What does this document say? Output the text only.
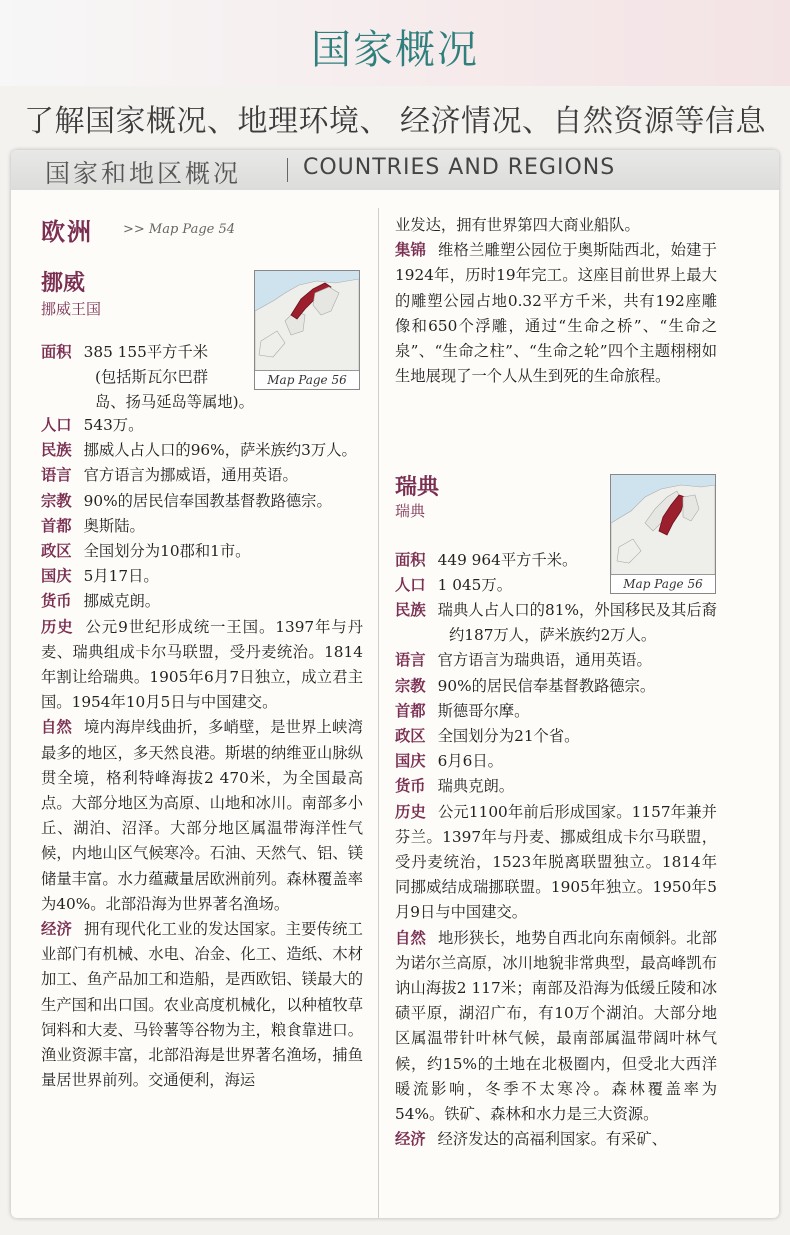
国家概况
了解国家概况、地理环境、 经济情况、自然资源等信息
国家和地区概况	COUNTRIES AND REGIONS
欧洲 >> Map Page 54
挪威
挪威王国
Map Page 56
面积 385 155平方千米
(包括斯瓦尔巴群
岛、扬马延岛等属地)。
人口 543万。
民族 挪威人占人口的96%，萨米族约3万人。
语言 官方语言为挪威语，通用英语。
宗教 90%的居民信奉国教基督教路德宗。
首都 奥斯陆。
政区 全国划分为10郡和1市。
国庆 5月17日。
货币 挪威克朗。
历史 公元9世纪形成统一王国。1397年与丹麦、瑞典组成卡尔马联盟，受丹麦统治。1814年割让给瑞典。1905年6月7日独立，成立君主国。1954年10月5日与中国建交。
自然 境内海岸线曲折，多峭壁，是世界上峡湾最多的地区，多天然良港。斯堪的纳维亚山脉纵贯全境，格利特峰海拔2 470米，为全国最高点。大部分地区为高原、山地和冰川。南部多小丘、湖泊、沼泽。大部分地区属温带海洋性气候，内地山区气候寒冷。石油、天然气、铝、镁储量丰富。水力蕴藏量居欧洲前列。森林覆盖率为40%。北部沿海为世界著名渔场。
经济 拥有现代化工业的发达国家。主要传统工业部门有机械、水电、冶金、化工、造纸、木材加工、鱼产品加工和造船，是西欧铝、镁最大的生产国和出口国。农业高度机械化，以种植牧草饲料和大麦、马铃薯等谷物为主，粮食靠进口。渔业资源丰富，北部沿海是世界著名渔场，捕鱼量居世界前列。交通便利，海运
业发达，拥有世界第四大商业船队。
集锦 维格兰雕塑公园位于奥斯陆西北，始建于1924年，历时19年完工。这座目前世界上最大的雕塑公园占地0.32平方千米，共有192座雕像和650个浮雕，通过“生命之桥”、“生命之泉”、“生命之柱”、“生命之轮”四个主题栩栩如生地展现了一个人从生到死的生命旅程。
瑞典
瑞典
Map Page 56
面积 449 964平方千米。
人口 1 045万。
民族 瑞典人占人口的81%，外国移民及其后裔约187万人，萨米族约2万人。
语言 官方语言为瑞典语，通用英语。
宗教 90%的居民信奉基督教路德宗。
首都 斯德哥尔摩。
政区 全国划分为21个省。
国庆 6月6日。
货币 瑞典克朗。
历史 公元1100年前后形成国家。1157年兼并芬兰。1397年与丹麦、挪威组成卡尔马联盟，受丹麦统治，1523年脱离联盟独立。1814年同挪威结成瑞挪联盟。1905年独立。1950年5月9日与中国建交。
自然 地形狭长，地势自西北向东南倾斜。北部为诺尔兰高原，冰川地貌非常典型，最高峰凯布讷山海拔2 117米；南部及沿海为低缓丘陵和冰碛平原，湖沼广布，有10万个湖泊。大部分地区属温带针叶林气候，最南部属温带阔叶林气候，约15%的土地在北极圈内，但受北大西洋暖流影响，冬季不太寒冷。森林覆盖率为54%。铁矿、森林和水力是三大资源。
经济 经济发达的高福利国家。有采矿、
